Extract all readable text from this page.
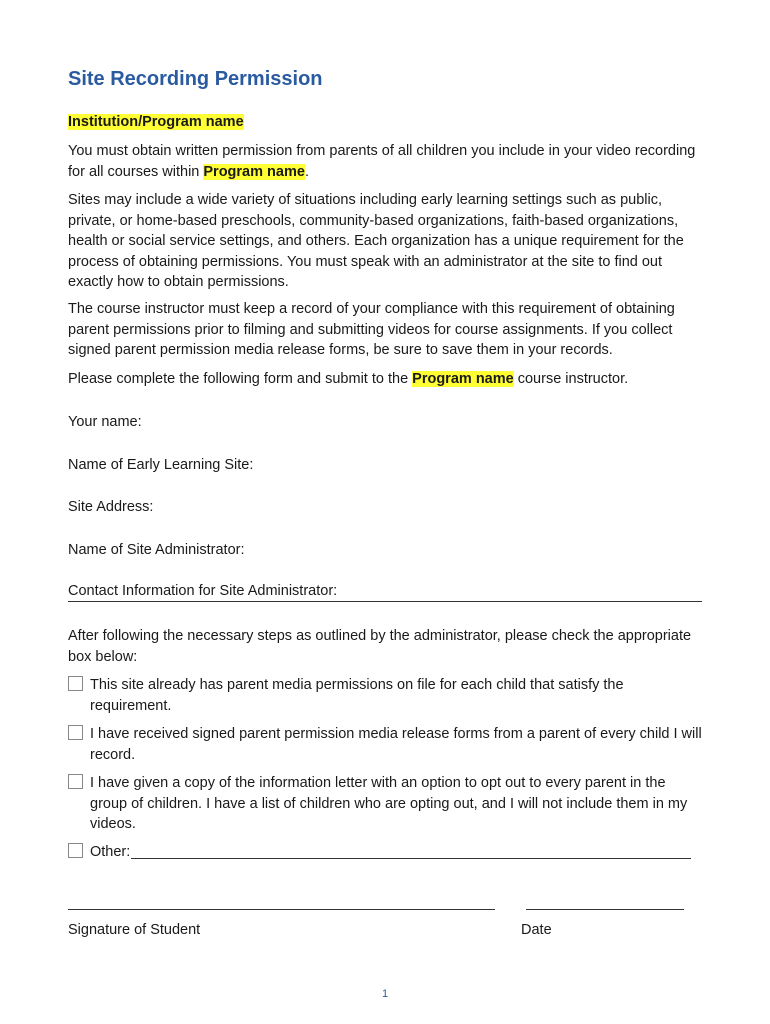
Site Recording Permission
Institution/Program name

You must obtain written permission from parents of all children you include in your video recording for all courses within Program name.

Sites may include a wide variety of situations including early learning settings such as public, private, or home-based preschools, community-based organizations, faith-based organizations, health or social service settings, and others. Each organization has a unique requirement for the process of obtaining permissions. You must speak with an administrator at the site to find out exactly how to obtain permissions.

The course instructor must keep a record of your compliance with this requirement of obtaining parent permissions prior to filming and submitting videos for course assignments. If you collect signed parent permission media release forms, be sure to save them in your records.

Please complete the following form and submit to the Program name course instructor.

Your name:
Name of Early Learning Site:
Site Address:
Name of Site Administrator:
Contact Information for Site Administrator:

After following the necessary steps as outlined by the administrator, please check the appropriate box below:

This site already has parent media permissions on file for each child that satisfy the requirement.
I have received signed parent permission media release forms from a parent of every child I will record.
I have given a copy of the information letter with an option to opt out to every parent in the group of children. I have a list of children who are opting out, and I will not include them in my videos.
Other:
Signature of Student	Date
1
